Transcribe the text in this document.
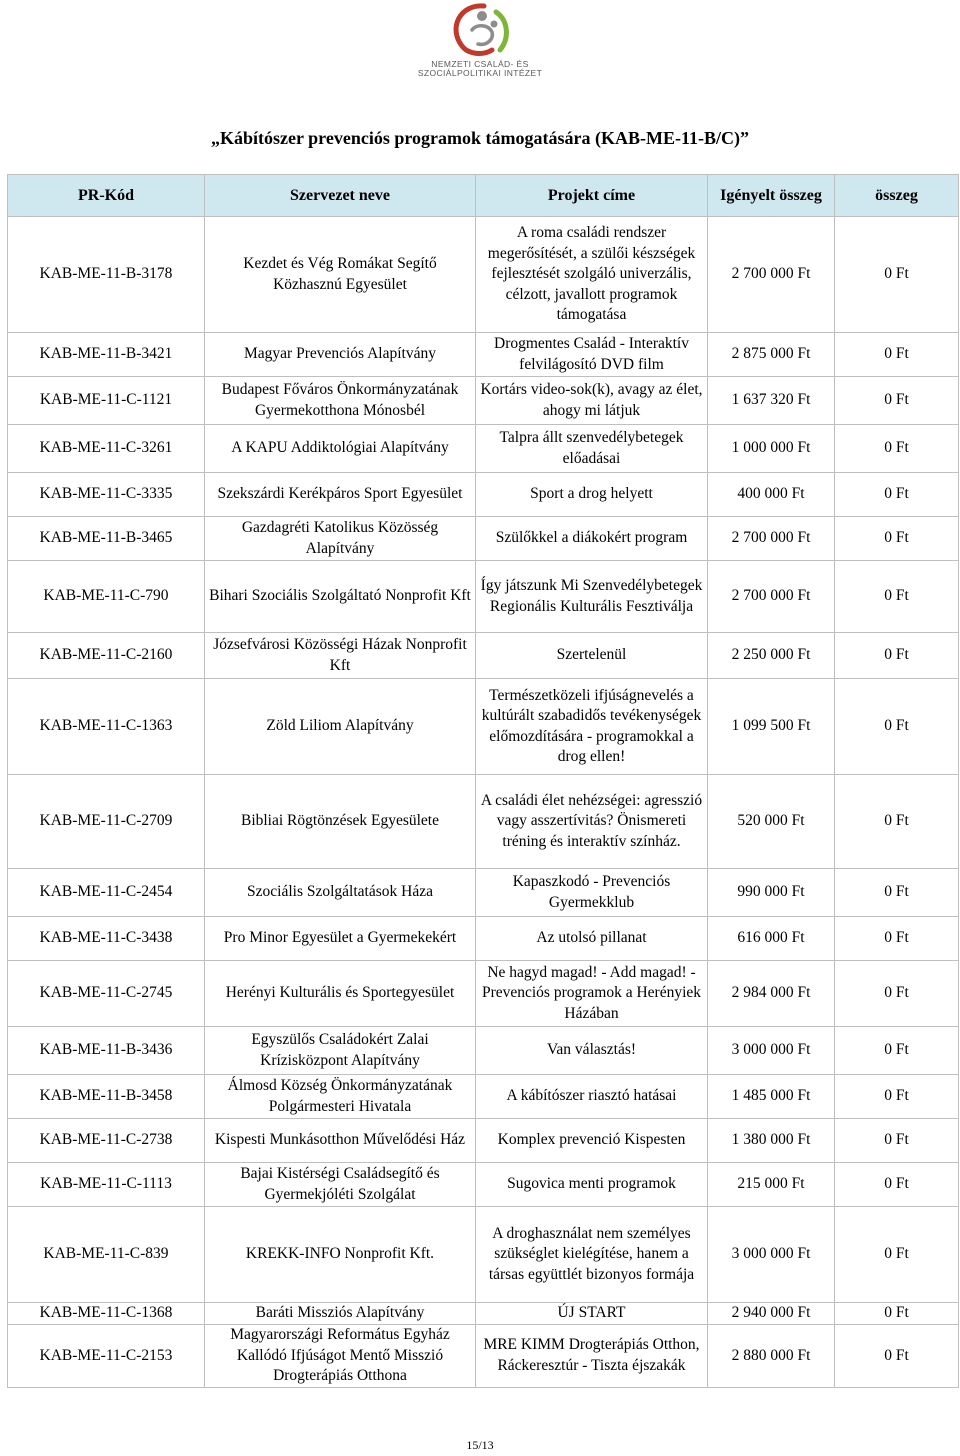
NEMZETI CSALÁD- ÉS
SZOCIÁLPOLITIKAI INTÉZET
„Kábítószer prevenciós programok támogatására (KAB-ME-11-B/C)”
PR-Kód	Szervezet neve	Projekt címe	Igényelt összeg	összeg
KAB-ME-11-B-3178	Kezdet és Vég Romákat Segítő Közhasznú Egyesület	A roma családi rendszer megerősítését, a szülői készségek fejlesztését szolgáló univerzális, célzott, javallott programok támogatása	2 700 000 Ft	0 Ft
KAB-ME-11-B-3421	Magyar Prevenciós Alapítvány	Drogmentes Család - Interaktív felvilágosító DVD film	2 875 000 Ft	0 Ft
KAB-ME-11-C-1121	Budapest Főváros Önkormányzatának Gyermekotthona Mónosbél	Kortárs video-sok(k), avagy az élet, ahogy mi látjuk	1 637 320 Ft	0 Ft
KAB-ME-11-C-3261	A KAPU Addiktológiai Alapítvány	Talpra állt szenvedélybetegek előadásai	1 000 000 Ft	0 Ft
KAB-ME-11-C-3335	Szekszárdi Kerékpáros Sport Egyesület	Sport a drog helyett	400 000 Ft	0 Ft
KAB-ME-11-B-3465	Gazdagréti Katolikus Közösség Alapítvány	Szülőkkel a diákokért program	2 700 000 Ft	0 Ft
KAB-ME-11-C-790	Bihari Szociális Szolgáltató Nonprofit Kft	Így játszunk Mi Szenvedélybetegek Regionális Kulturális Fesztiválja	2 700 000 Ft	0 Ft
KAB-ME-11-C-2160	Józsefvárosi Közösségi Házak Nonprofit Kft	Szertelenül	2 250 000 Ft	0 Ft
KAB-ME-11-C-1363	Zöld Liliom Alapítvány	Természetközeli ifjúságnevelés a kultúrált szabadidős tevékenységek előmozdítására - programokkal a drog ellen!	1 099 500 Ft	0 Ft
KAB-ME-11-C-2709	Bibliai Rögtönzések Egyesülete	A családi élet nehézségei: agresszió vagy asszertívitás? Önismereti tréning és interaktív színház.	520 000 Ft	0 Ft
KAB-ME-11-C-2454	Szociális Szolgáltatások Háza	Kapaszkodó - Prevenciós Gyermekklub	990 000 Ft	0 Ft
KAB-ME-11-C-3438	Pro Minor Egyesület a Gyermekekért	Az utolsó pillanat	616 000 Ft	0 Ft
KAB-ME-11-C-2745	Herényi Kulturális és Sportegyesület	Ne hagyd magad! - Add magad! - Prevenciós programok a Herényiek Házában	2 984 000 Ft	0 Ft
KAB-ME-11-B-3436	Egyszülős Családokért Zalai Krízisközpont Alapítvány	Van választás!	3 000 000 Ft	0 Ft
KAB-ME-11-B-3458	Álmosd Község Önkormányzatának Polgármesteri Hivatala	A kábítószer riasztó hatásai	1 485 000 Ft	0 Ft
KAB-ME-11-C-2738	Kispesti Munkásotthon Művelődési Ház	Komplex prevenció Kispesten	1 380 000 Ft	0 Ft
KAB-ME-11-C-1113	Bajai Kistérségi Családsegítő és Gyermekjóléti Szolgálat	Sugovica menti programok	215 000 Ft	0 Ft
KAB-ME-11-C-839	KREKK-INFO Nonprofit Kft.	A droghasználat nem személyes szükséglet kielégítése, hanem a társas együttlét bizonyos formája	3 000 000 Ft	0 Ft
KAB-ME-11-C-1368	Baráti Missziós Alapítvány	ÚJ START	2 940 000 Ft	0 Ft
KAB-ME-11-C-2153	Magyarországi Református Egyház Kallódó Ifjúságot Mentő Misszió Drogterápiás Otthona	MRE KIMM Drogterápiás Otthon, Ráckeresztúr - Tiszta éjszakák	2 880 000 Ft	0 Ft
15/13
